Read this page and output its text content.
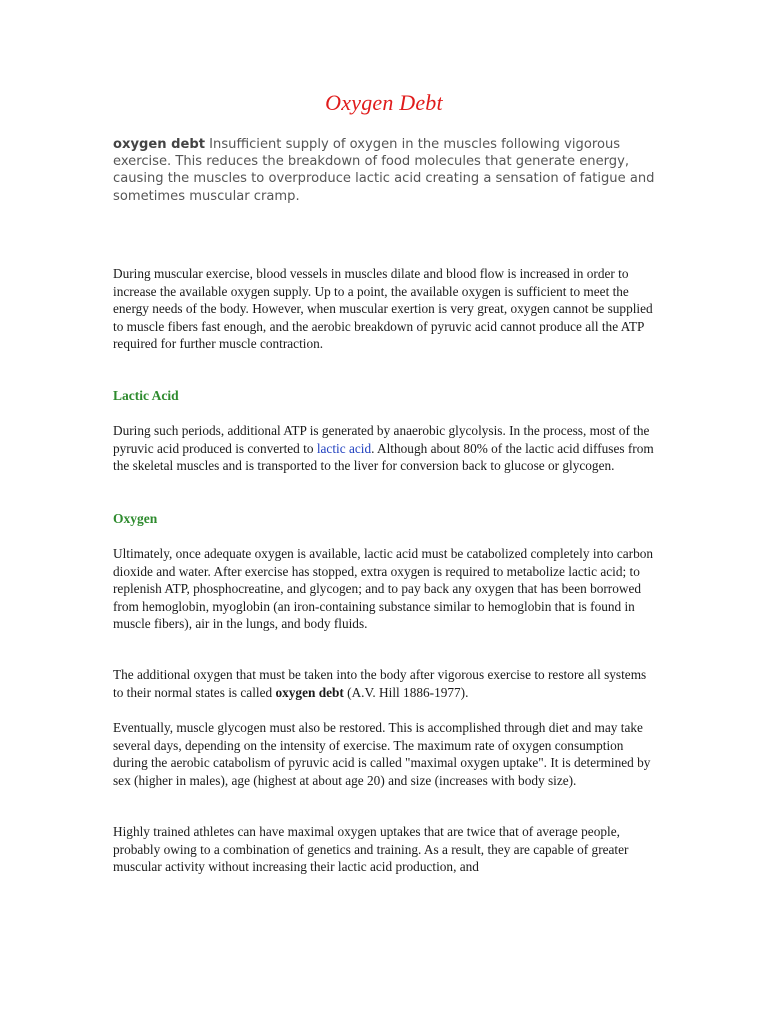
Oxygen Debt

oxygen debt Insufficient supply of oxygen in the muscles following vigorous exercise. This reduces the breakdown of food molecules that generate energy, causing the muscles to overproduce lactic acid creating a sensation of fatigue and sometimes muscular cramp.

During muscular exercise, blood vessels in muscles dilate and blood flow is increased in order to increase the available oxygen supply. Up to a point, the available oxygen is sufficient to meet the energy needs of the body. However, when muscular exertion is very great, oxygen cannot be supplied to muscle fibers fast enough, and the aerobic breakdown of pyruvic acid cannot produce all the ATP required for further muscle contraction.

Lactic Acid

During such periods, additional ATP is generated by anaerobic glycolysis. In the process, most of the pyruvic acid produced is converted to lactic acid. Although about 80% of the lactic acid diffuses from the skeletal muscles and is transported to the liver for conversion back to glucose or glycogen.

Oxygen

Ultimately, once adequate oxygen is available, lactic acid must be catabolized completely into carbon dioxide and water. After exercise has stopped, extra oxygen is required to metabolize lactic acid; to replenish ATP, phosphocreatine, and glycogen; and to pay back any oxygen that has been borrowed from hemoglobin, myoglobin (an iron-containing substance similar to hemoglobin that is found in muscle fibers), air in the lungs, and body fluids.

The additional oxygen that must be taken into the body after vigorous exercise to restore all systems to their normal states is called oxygen debt (A.V. Hill 1886-1977).

Eventually, muscle glycogen must also be restored. This is accomplished through diet and may take several days, depending on the intensity of exercise. The maximum rate of oxygen consumption during the aerobic catabolism of pyruvic acid is called "maximal oxygen uptake". It is determined by sex (higher in males), age (highest at about age 20) and size (increases with body size).

Highly trained athletes can have maximal oxygen uptakes that are twice that of average people, probably owing to a combination of genetics and training. As a result, they are capable of greater muscular activity without increasing their lactic acid production, and
